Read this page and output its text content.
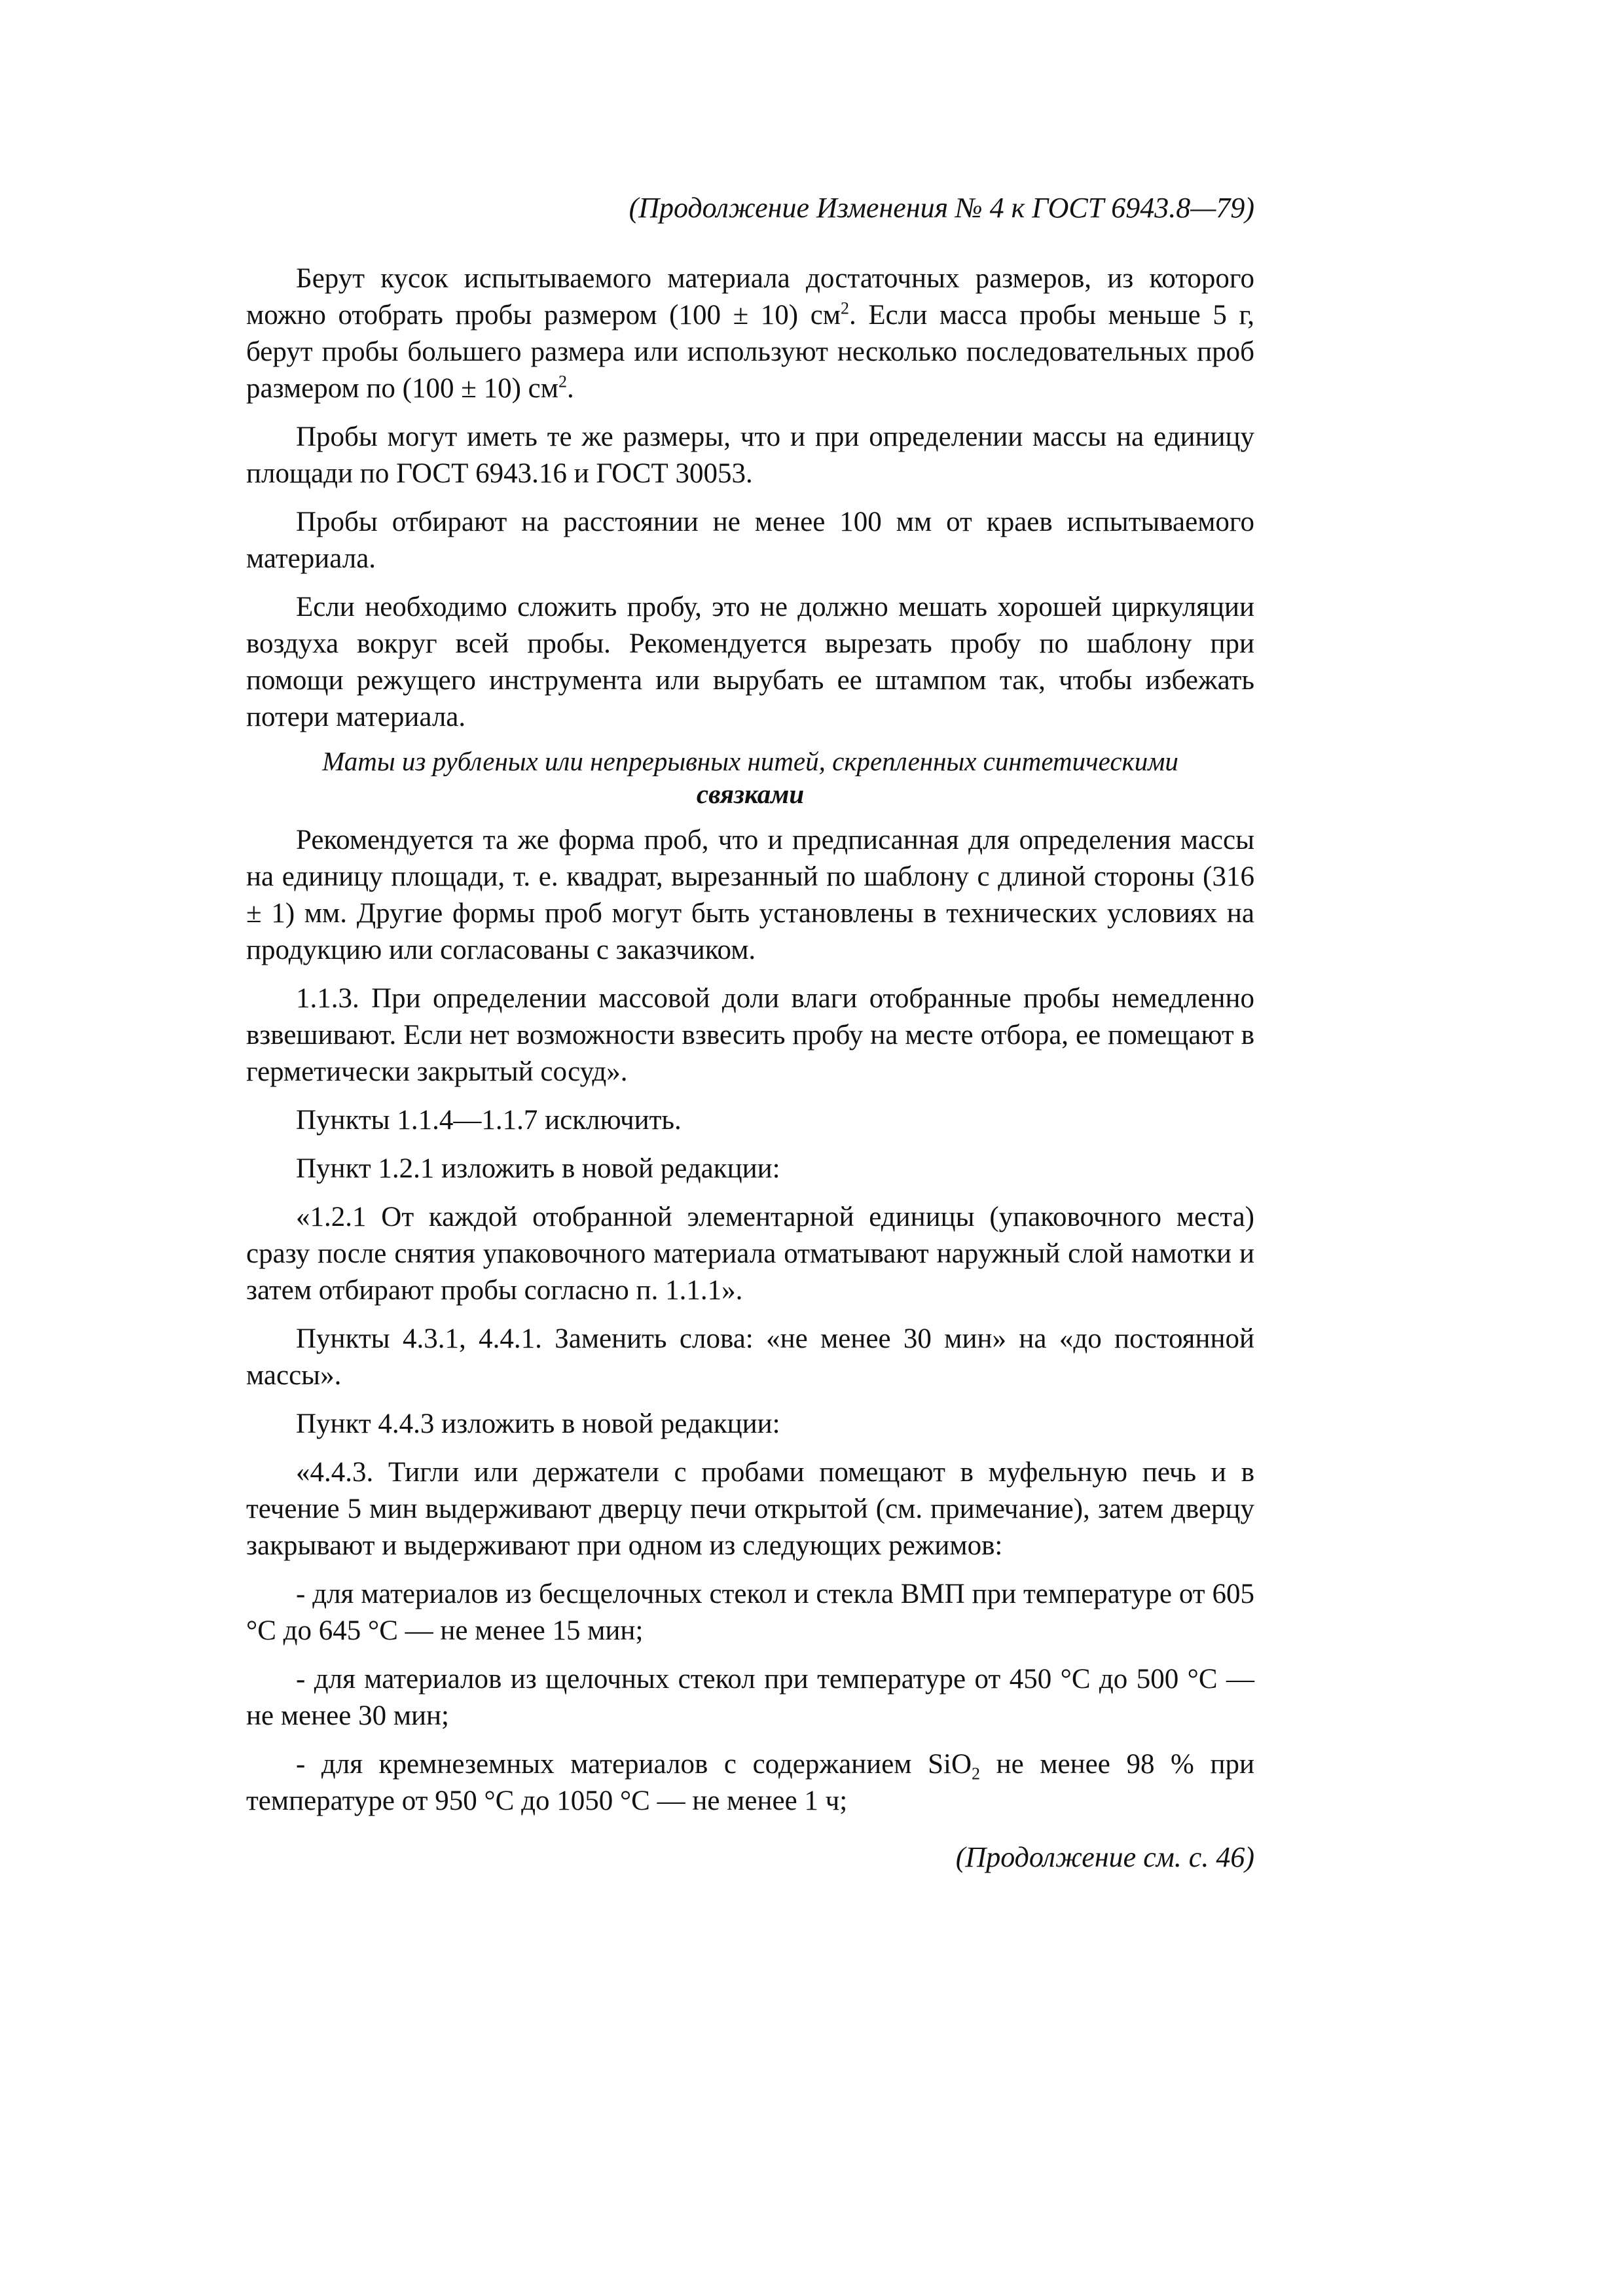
(Продолжение Изменения № 4 к ГОСТ 6943.8—79)

Берут кусок испытываемого материала достаточных размеров, из которого можно отобрать пробы размером (100 ± 10) $см^2$. Если масса пробы меньше 5 г, берут пробы большего размера или используют несколько последовательных проб размером по (100 ± 10) $см^2$.

Пробы могут иметь те же размеры, что и при определении массы на единицу площади по ГОСТ 6943.16 и ГОСТ 30053.

Пробы отбирают на расстоянии не менее 100 мм от краев испытываемого материала.

Если необходимо сложить пробу, это не должно мешать хорошей циркуляции воздуха вокруг всей пробы. Рекомендуется вырезать пробу по шаблону при помощи режущего инструмента или вырубать ее штампом так, чтобы избежать потери материала.

Маты из рубленых или непрерывных нитей, скрепленных синтетическими

связками

Рекомендуется та же форма проб, что и предписанная для определения массы на единицу площади, т. е. квадрат, вырезанный по шаблону с длиной стороны (316 ± 1) мм. Другие формы проб могут быть установлены в технических условиях на продукцию или согласованы с заказчиком.

1.1.3. При определении массовой доли влаги отобранные пробы немедленно взвешивают. Если нет возможности взвесить пробу на месте отбора, ее помещают в герметически закрытый сосуд».

Пункты 1.1.4—1.1.7 исключить.

Пункт 1.2.1 изложить в новой редакции:

«1.2.1 От каждой отобранной элементарной единицы (упаковочного места) сразу после снятия упаковочного материала отматывают наружный слой намотки и затем отбирают пробы согласно п. 1.1.1».

Пункты 4.3.1, 4.4.1. Заменить слова: «не менее 30 мин» на «до постоянной массы».

Пункт 4.4.3 изложить в новой редакции:

«4.4.3. Тигли или держатели с пробами помещают в муфельную печь и в течение 5 мин выдерживают дверцу печи открытой (см. примечание), затем дверцу закрывают и выдерживают при одном из следующих режимов:

- для материалов из бесщелочных стекол и стекла ВМП при температуре от 605 °С до 645 °С — не менее 15 мин;

- для материалов из щелочных стекол при температуре от 450 °С до 500 °С — не менее 30 мин;

- для кремнеземных материалов с содержанием SiO$_2$ не менее 98 % при температуре от 950 °С до 1050 °С — не менее 1 ч;

(Продолжение см. с. 46)
